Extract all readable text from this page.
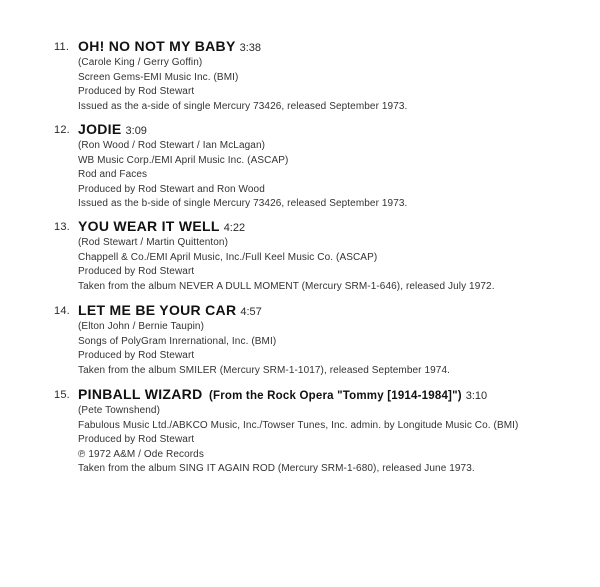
11. OH! NO NOT MY BABY 3:38
(Carole King / Gerry Goffin)
Screen Gems-EMI Music Inc. (BMI)
Produced by Rod Stewart
Issued as the a-side of single Mercury 73426, released September 1973.
12. JODIE 3:09
(Ron Wood / Rod Stewart / Ian McLagan)
WB Music Corp./EMI April Music Inc. (ASCAP)
Rod and Faces
Produced by Rod Stewart and Ron Wood
Issued as the b-side of single Mercury 73426, released September 1973.
13. YOU WEAR IT WELL 4:22
(Rod Stewart / Martin Quittenton)
Chappell & Co./EMI April Music, Inc./Full Keel Music Co. (ASCAP)
Produced by Rod Stewart
Taken from the album NEVER A DULL MOMENT (Mercury SRM-1-646), released July 1972.
14. LET ME BE YOUR CAR 4:57
(Elton John / Bernie Taupin)
Songs of PolyGram Inrernational, Inc. (BMI)
Produced by Rod Stewart
Taken from the album SMILER (Mercury SRM-1-1017), released September 1974.
15. PINBALL WIZARD (From the Rock Opera "Tommy [1914-1984]") 3:10
(Pete Townshend)
Fabulous Music Ltd./ABKCO Music, Inc./Towser Tunes, Inc. admin. by Longitude Music Co. (BMI)
Produced by Rod Stewart
℗ 1972 A&M / Ode Records
Taken from the album SING IT AGAIN ROD (Mercury SRM-1-680), released June 1973.
